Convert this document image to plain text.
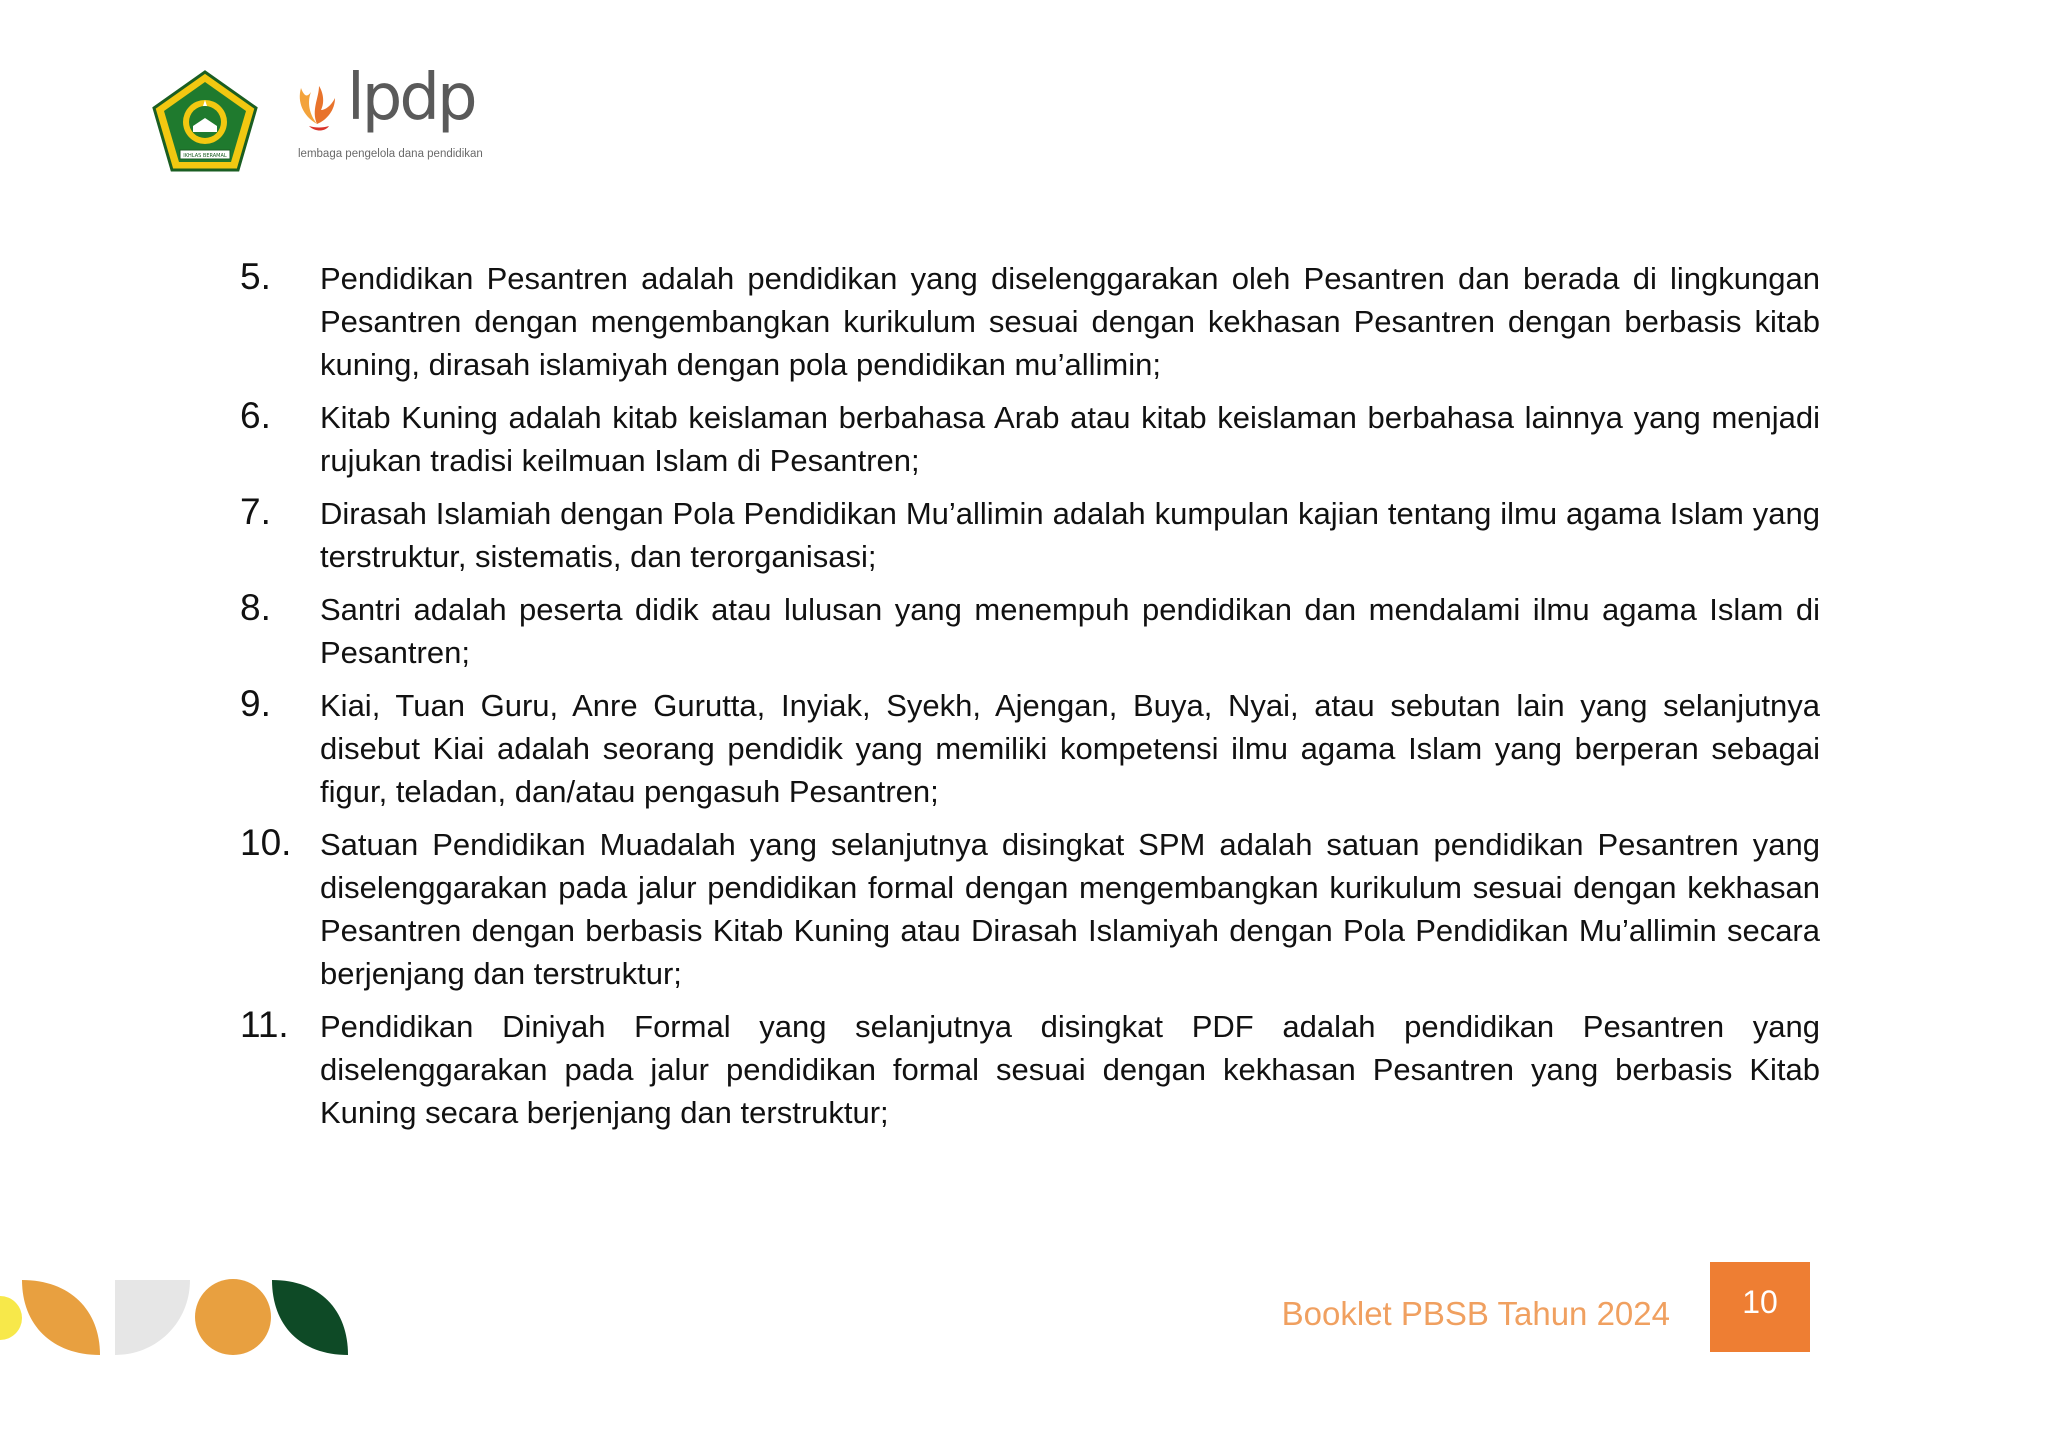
IKHLAS BERAMAL
lpdp
lembaga pengelola dana pendidikan
5.	Pendidikan Pesantren adalah pendidikan yang diselenggarakan oleh Pesantren dan berada di lingkungan Pesantren dengan mengembangkan kurikulum sesuai dengan kekhasan Pesantren dengan berbasis kitab kuning, dirasah islamiyah dengan pola pendidikan mu’allimin;
6.	Kitab Kuning adalah kitab keislaman berbahasa Arab atau kitab keislaman berbahasa lainnya yang menjadi rujukan tradisi keilmuan Islam di Pesantren;
7.	Dirasah Islamiah dengan Pola Pendidikan Mu’allimin adalah kumpulan kajian tentang ilmu agama Islam yang terstruktur, sistematis, dan terorganisasi;
8.	Santri adalah peserta didik atau lulusan yang menempuh pendidikan dan mendalami ilmu agama Islam di Pesantren;
9.	Kiai, Tuan Guru, Anre Gurutta, Inyiak, Syekh, Ajengan, Buya, Nyai, atau sebutan lain yang selanjutnya disebut Kiai adalah seorang pendidik yang memiliki kompetensi ilmu agama Islam yang berperan sebagai figur, teladan, dan/atau pengasuh Pesantren;
10. Satuan Pendidikan Muadalah yang selanjutnya disingkat SPM adalah satuan pendidikan Pesantren yang diselenggarakan pada jalur pendidikan formal dengan mengembangkan kurikulum sesuai dengan kekhasan Pesantren dengan berbasis Kitab Kuning atau Dirasah Islamiyah dengan Pola Pendidikan Mu’allimin secara berjenjang dan terstruktur;
11.	Pendidikan Diniyah Formal yang selanjutnya disingkat PDF adalah pendidikan Pesantren yang diselenggarakan pada jalur pendidikan formal sesuai dengan kekhasan Pesantren yang berbasis Kitab Kuning secara berjenjang dan terstruktur;
Booklet PBSB Tahun 2024	10
